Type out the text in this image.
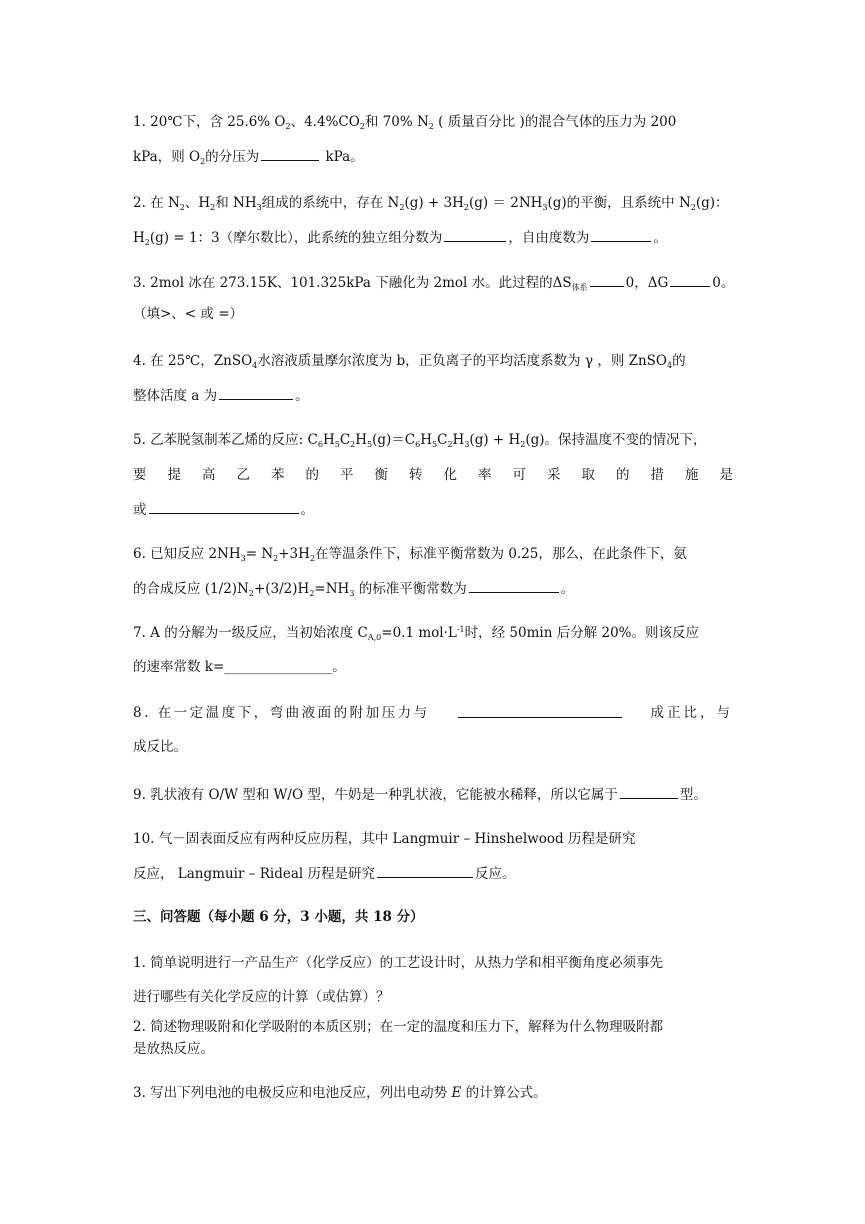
1. 20℃下，含 25.6% $O_2$、$4.4\%CO_2$和 70% $N_2$ ( 质量百分比 )的混合气体的压力为 200
kPa，则 $O_2$的分压为	kPa。
2. 在 $N_2$、$H_2$和 $NH_3$组成的系统中，存在 $N_2(g) + 3H_2(g) = 2NH_3(g)$的平衡，且系统中 $N_2(g)$：
$H_2(g) = 1$：3（摩尔数比），此系统的独立组分数为	，自由度数为	。
3. 2mol 冰在 273.15K、101.325kPa 下融化为 2mol 水。此过程的$\Delta S_{体系}$	0，ΔG	0。
（填>、< 或 =）
4. 在 25℃，ZnSO$_4$水溶液质量摩尔浓度为 b，正负离子的平均活度系数为 γ ，则 ZnSO$_4$的
整体活度 a 为	。
5. 乙苯脱氢制苯乙烯的反应: $C_6H_5C_2H_5(g)=C_6H_5C_2H_3(g) + H_2(g)$。保持温度不变的情况下，
要 提 高 乙 苯 的 平 衡 转 化 率 可 采 取 的 措 施 是
或	。
6. 已知反应 $2NH_3= N_2+3H_2$在等温条件下，标准平衡常数为 0.25，那么，在此条件下，氨
的合成反应 $(1/2)N_2+(3/2)H_2=NH_3$ 的标准平衡常数为	。
7. A 的分解为一级反应，当初始浓度 $C_{A,0}=0.1$ $mol\cdot L^{-1}$时，经 50min 后分解 20%。则该反应
的速率常数 k=________________。
8. 在一定温度下，弯曲液面的附加压力与	成正比，与
成反比。
9. 乳状液有 O/W 型和 W/O 型，牛奶是一种乳状液，它能被水稀释，所以它属于	型。
10. 气－固表面反应有两种反应历程，其中 Langmuir – Hinshelwood 历程是研究
反应， Langmuir – Rideal 历程是研究	反应。
三、问答题（每小题 6 分，3 小题，共 18 分）
1. 简单说明进行一产品生产（化学反应）的工艺设计时，从热力学和相平衡角度必须事先
进行哪些有关化学反应的计算（或估算）？
2. 简述物理吸附和化学吸附的本质区别；在一定的温度和压力下，解释为什么物理吸附都
是放热反应。
3. 写出下列电池的电极反应和电池反应，列出电动势 E 的计算公式。
